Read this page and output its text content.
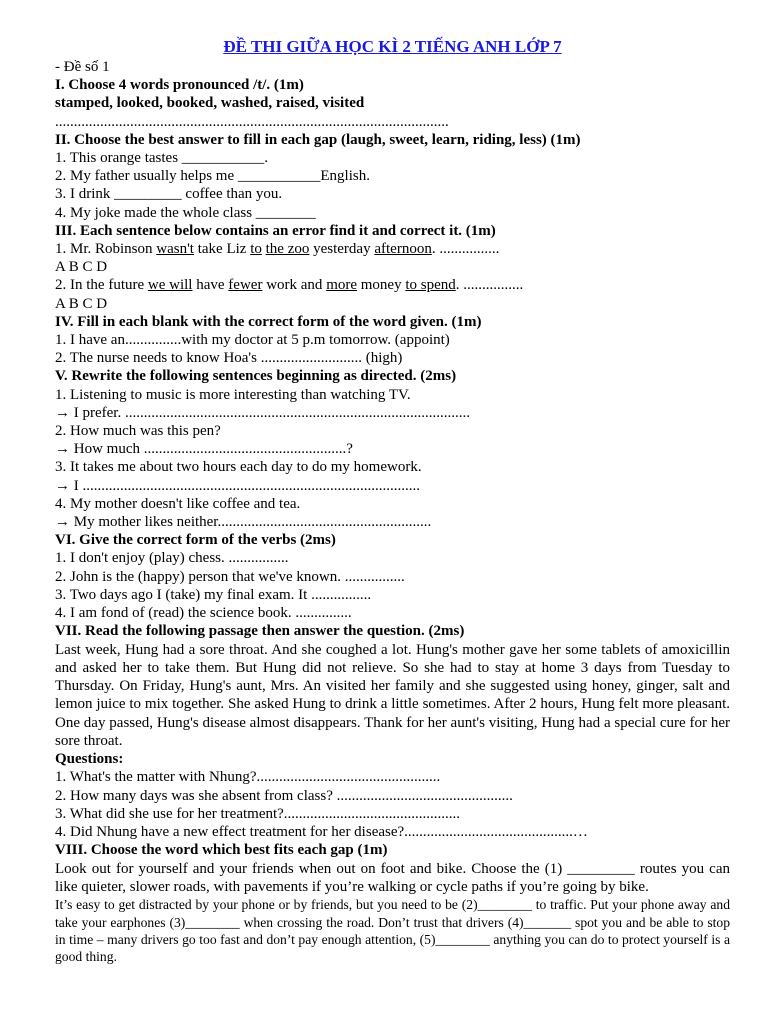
ĐỀ THI GIỮA HỌC KÌ 2 TIẾNG ANH LỚP 7
- Đề số 1
I. Choose 4 words pronounced /t/. (1m)
stamped, looked, booked, washed, raised, visited
.........................................................................................................
II. Choose the best answer to fill in each gap (laugh, sweet, learn, riding, less) (1m)
1. This orange tastes ___________.
2. My father usually helps me ___________English.
3. I drink _________ coffee than you.
4. My joke made the whole class ________
III. Each sentence below contains an error find it and correct it. (1m)
1. Mr. Robinson wasn't take Liz to the zoo yesterday afternoon. ................
A B C D
2. In the future we will have fewer work and more money to spend. ................
A B C D
IV. Fill in each blank with the correct form of the word given. (1m)
1. I have an...............with my doctor at 5 p.m tomorrow. (appoint)
2. The nurse needs to know Hoa's ........................... (high)
V. Rewrite the following sentences beginning as directed. (2ms)
1. Listening to music is more interesting than watching TV.
→ I prefer. ............................................................................................
2. How much was this pen?
→ How much ......................................................?
3. It takes me about two hours each day to do my homework.
→ I ..........................................................................................
4. My mother doesn't like coffee and tea.
→ My mother likes neither.........................................................
VI. Give the correct form of the verbs (2ms)
1. I don't enjoy (play) chess. ................
2. John is the (happy) person that we've known. ................
3. Two days ago I (take) my final exam. It ................
4. I am fond of (read) the science book. ...............
VII. Read the following passage then answer the question. (2ms)
Last week, Hung had a sore throat. And she coughed a lot. Hung's mother gave her some tablets of amoxicillin and asked her to take them. But Hung did not relieve. So she had to stay at home 3 days from Tuesday to Thursday. On Friday, Hung's aunt, Mrs. An visited her family and she suggested using honey, ginger, salt and lemon juice to mix together. She asked Hung to drink a little sometimes. After 2 hours, Hung felt more pleasant. One day passed, Hung's disease almost disappears. Thank for her aunt's visiting, Hung had a special cure for her sore throat.
Questions:
1. What's the matter with Nhung?.................................................
2. How many days was she absent from class? ...............................................
3. What did she use for her treatment?...............................................
4. Did Nhung have a new effect treatment for her disease?.............................................…
VIII. Choose the word which best fits each gap (1m)
Look out for yourself and your friends when out on foot and bike. Choose the (1) _________ routes you can like quieter, slower roads, with pavements if you’re walking or cycle paths if you’re going by bike.
It’s easy to get distracted by your phone or by friends, but you need to be (2)________ to traffic. Put your phone away and take your earphones (3)________ when crossing the road. Don’t trust that drivers (4)_______ spot you and be able to stop in time – many drivers go too fast and don’t pay enough attention, (5)________ anything you can do to protect yourself is a good thing.
